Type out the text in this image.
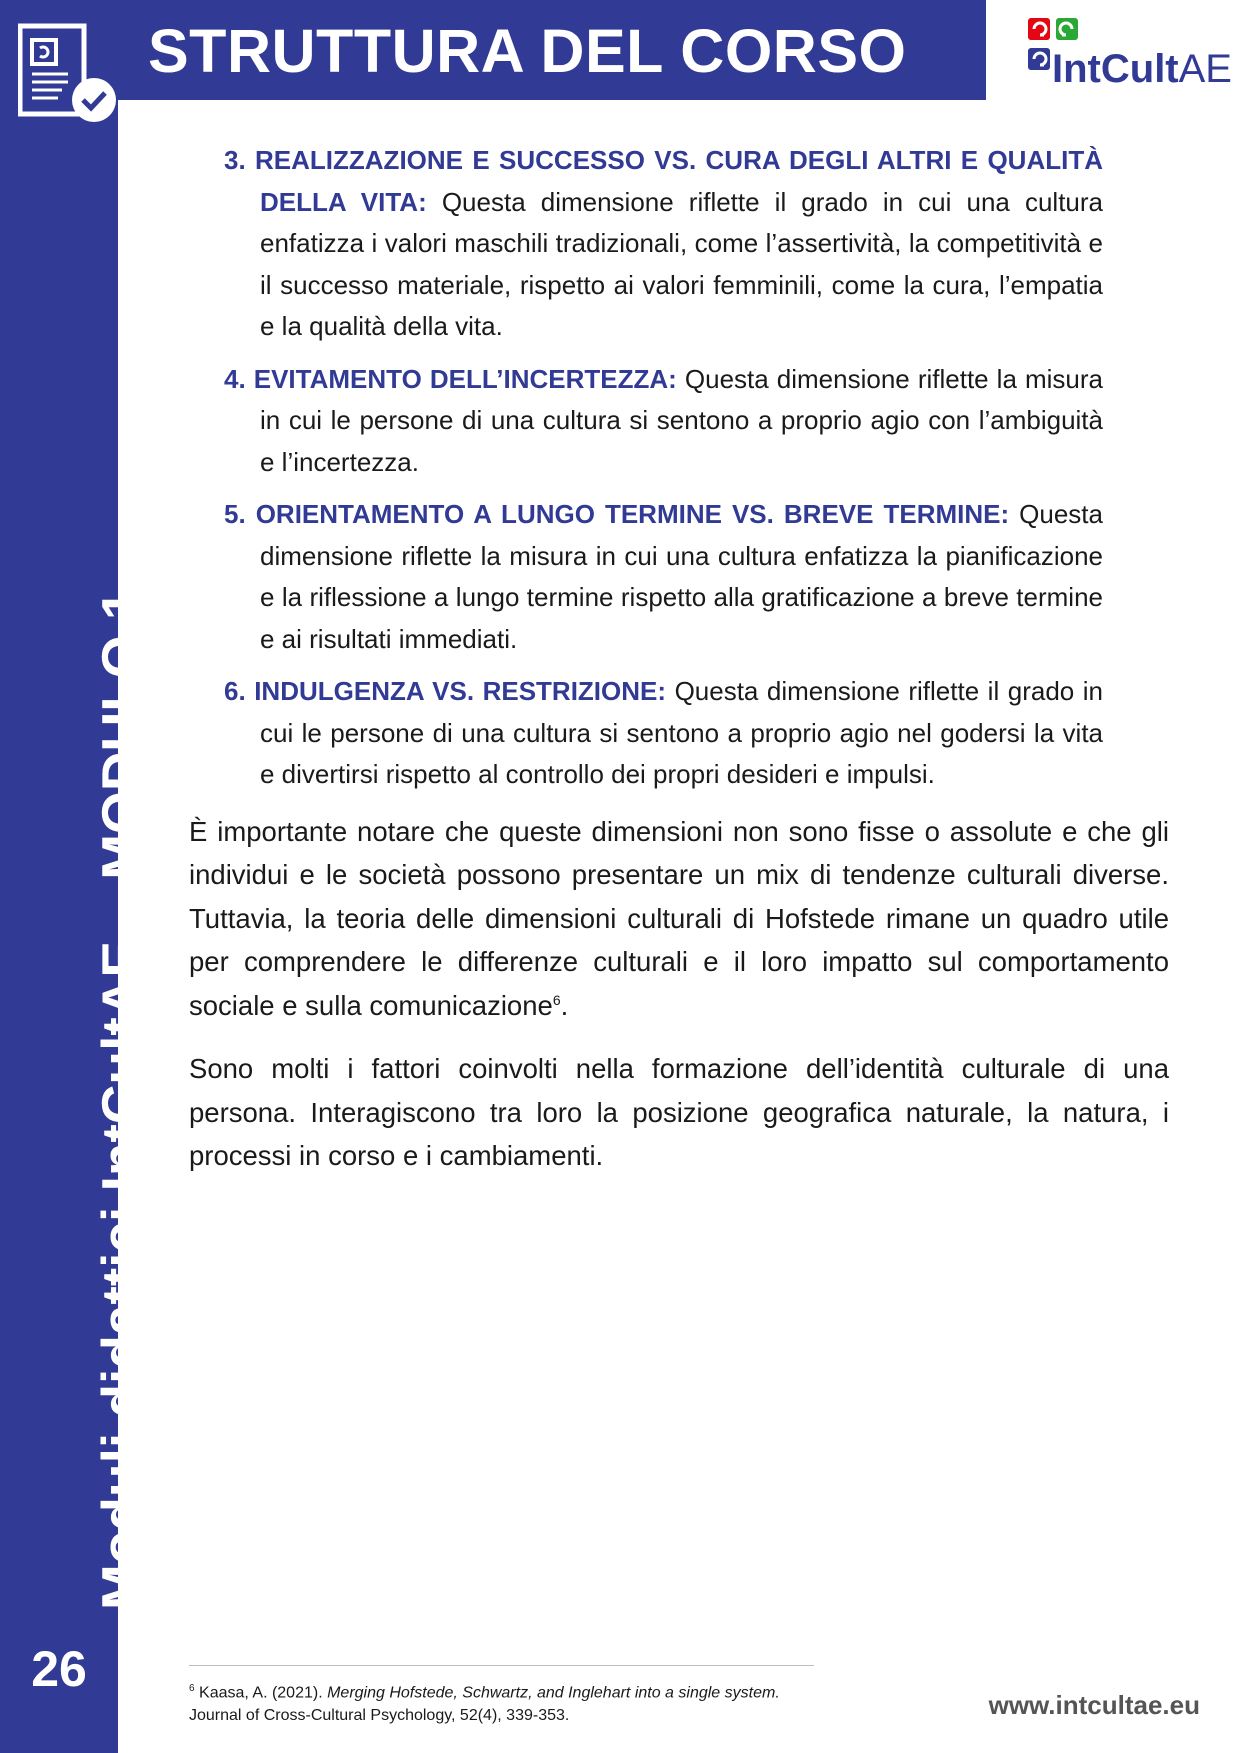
Moduli didattici IntCultAE – MODULO 1
26
STRUTTURA DEL CORSO	IntCultAE
3. REALIZZAZIONE E SUCCESSO VS. CURA DEGLI ALTRI E QUALITÀ DELLA VITA: Questa dimensione riflette il grado in cui una cultura enfatizza i valori maschili tradizionali, come l’assertività, la competitività e il successo materiale, rispetto ai valori femminili, come la cura, l’empatia e la qualità della vita.
4. EVITAMENTO DELL’INCERTEZZA: Questa dimensione riflette la misura in cui le persone di una cultura si sentono a proprio agio con l’ambiguità e l’incertezza.
5. ORIENTAMENTO A LUNGO TERMINE VS. BREVE TERMINE: Questa dimensione riflette la misura in cui una cultura enfatizza la pianificazione e la riflessione a lungo termine rispetto alla gratificazione a breve termine e ai risultati immediati.
6. INDULGENZA VS. RESTRIZIONE: Questa dimensione riflette il grado in cui le persone di una cultura si sentono a proprio agio nel godersi la vita e divertirsi rispetto al controllo dei propri desideri e impulsi.

È importante notare che queste dimensioni non sono fisse o assolute e che gli individui e le società possono presentare un mix di tendenze culturali diverse. Tuttavia, la teoria delle dimensioni culturali di Hofstede rimane un quadro utile per comprendere le differenze culturali e il loro impatto sul comportamento sociale e sulla comunicazione$^6$.

Sono molti i fattori coinvolti nella formazione dell’identità culturale di una persona. Interagiscono tra loro la posizione geografica naturale, la natura, i processi in corso e i cambiamenti.

$^6$ Kaasa, A. (2021). Merging Hofstede, Schwartz, and Inglehart into a single system.
Journal of Cross-Cultural Psychology, 52(4), 339-353.	www.intcultae.eu
